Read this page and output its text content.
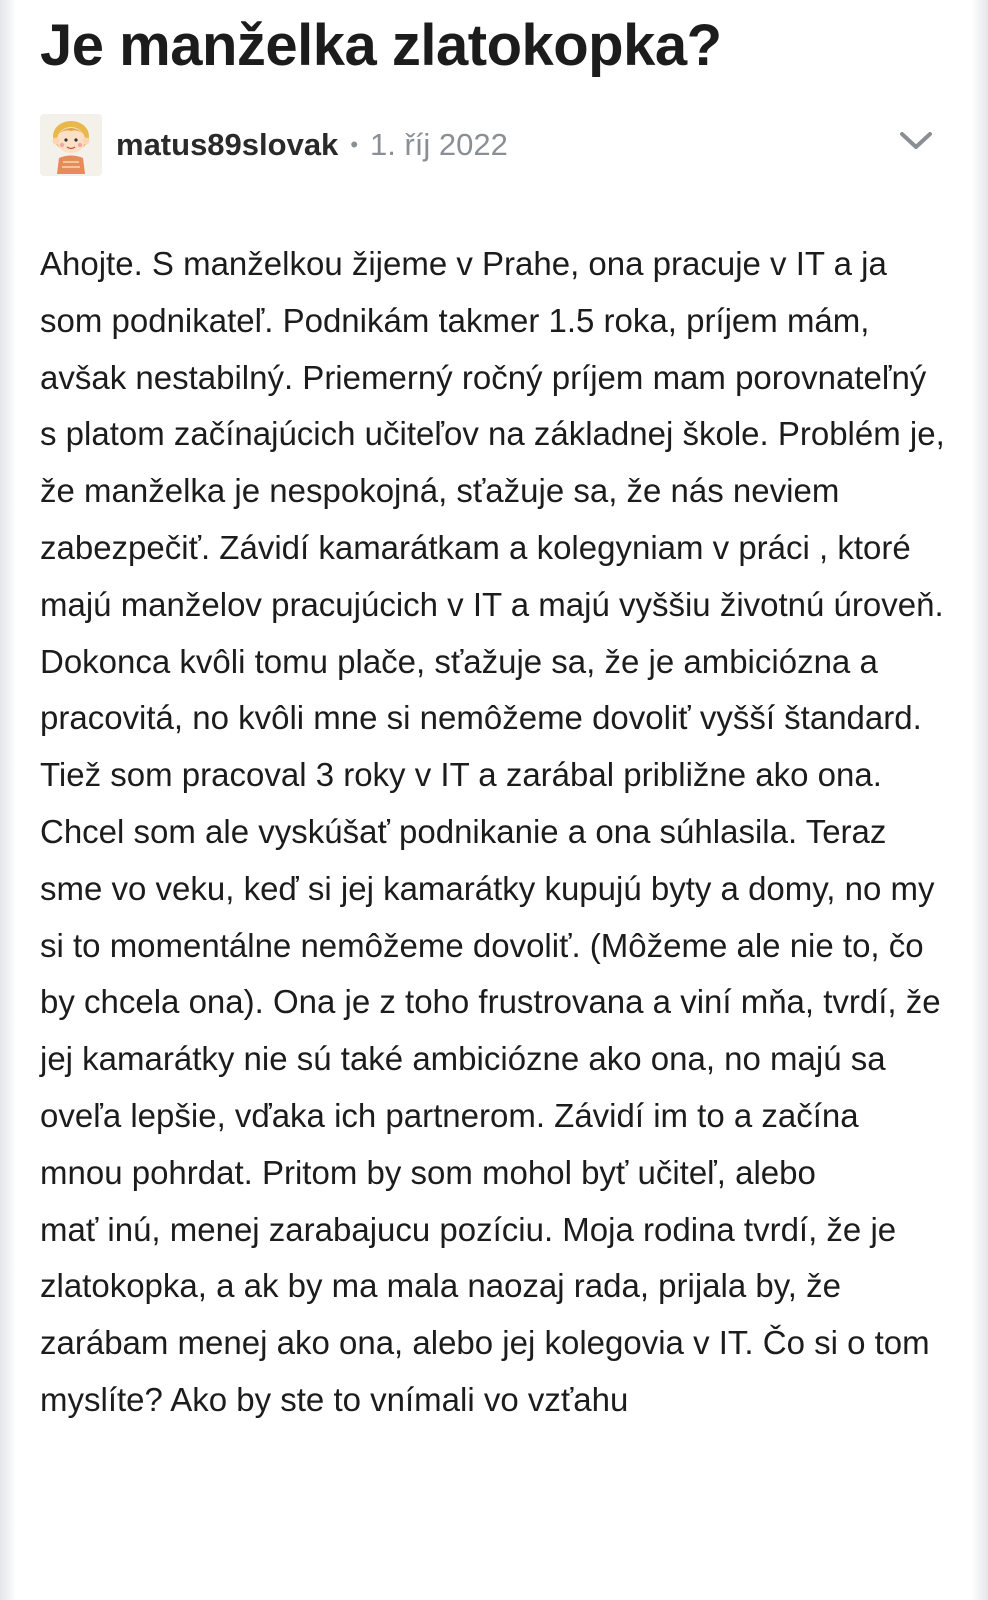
Je manželka zlatokopka?
matus89slovak • 1. říj 2022

Ahojte. S manželkou žijeme v Prahe, ona pracuje v IT a ja som podnikateľ. Podnikám takmer 1.5 roka, príjem mám, avšak nestabilný. Priemerný ročný príjem mam porovnateľný s platom začínajúcich učiteľov na základnej škole. Problém je, že manželka je nespokojná, sťažuje sa, že nás neviem zabezpečiť. Závidí kamarátkam a kolegyniam v práci , ktoré majú manželov pracujúcich v IT a majú vyššiu životnú úroveň. Dokonca kvôli tomu plače, sťažuje sa, že je ambiciózna a pracovitá, no kvôli mne si nemôžeme dovoliť vyšší štandard. Tiež som pracoval 3 roky v IT a zarábal približne ako ona. Chcel som ale vyskúšať podnikanie a ona súhlasila. Teraz sme vo veku, keď si jej kamarátky kupujú byty a domy, no my si to momentálne nemôžeme dovoliť. (Môžeme ale nie to, čo by chcela ona). Ona je z toho frustrovana a viní mňa, tvrdí, že jej kamarátky nie sú také ambiciózne ako ona, no majú sa oveľa lepšie, vďaka ich partnerom. Závidí im to a začína mnou pohrdat. Pritom by som mohol byť učiteľ, alebo

mať inú, menej zarabajucu pozíciu. Moja rodina tvrdí, že je zlatokopka, a ak by ma mala naozaj rada, prijala by, že zarábam menej ako ona, alebo jej kolegovia v IT. Čo si o tom myslíte? Ako by ste to vnímali vo vzťahu
